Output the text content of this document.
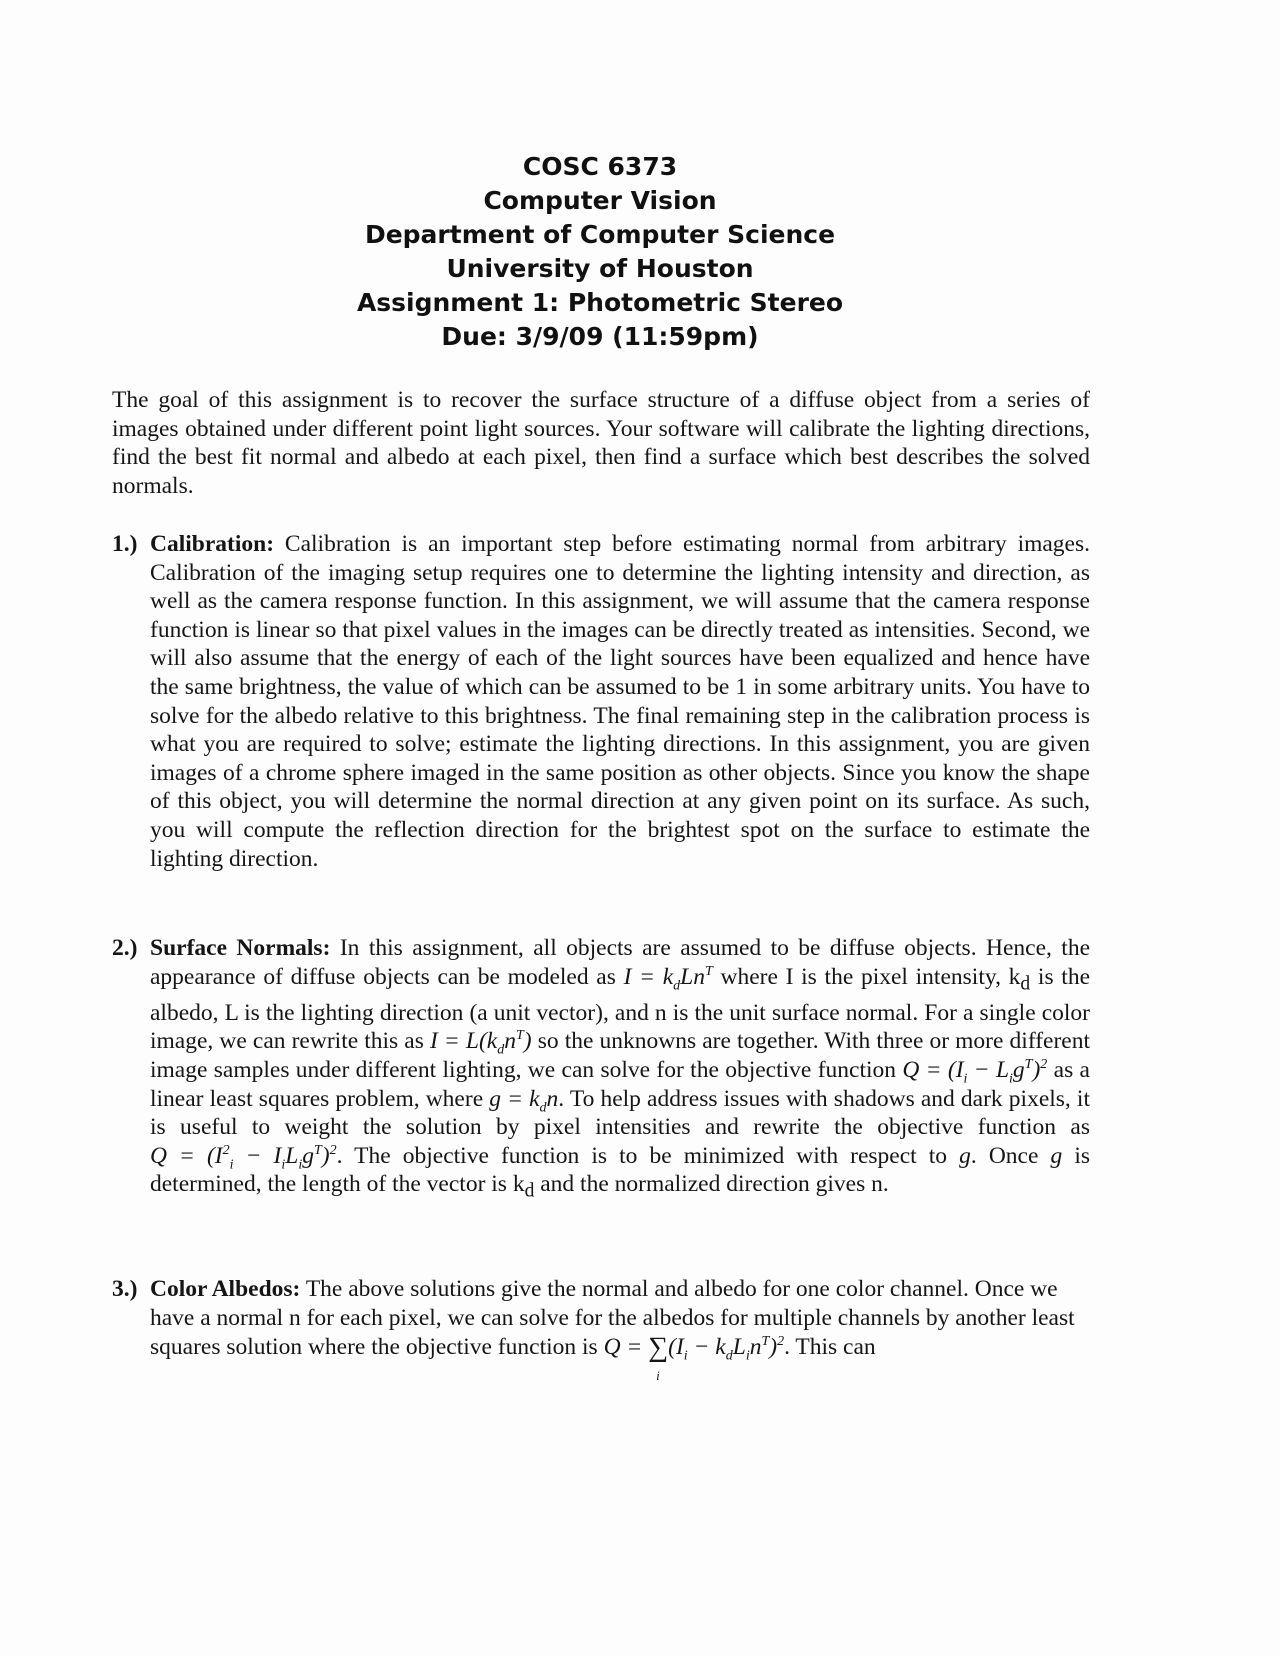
COSC 6373
Computer Vision
Department of Computer Science
University of Houston
Assignment 1: Photometric Stereo
Due: 3/9/09 (11:59pm)

The goal of this assignment is to recover the surface structure of a diffuse object from a series of images obtained under different point light sources. Your software will calibrate the lighting directions, find the best fit normal and albedo at each pixel, then find a surface which best describes the solved normals.

1.) Calibration: Calibration is an important step before estimating normal from arbitrary images. Calibration of the imaging setup requires one to determine the lighting intensity and direction, as well as the camera response function. In this assignment, we will assume that the camera response function is linear so that pixel values in the images can be directly treated as intensities. Second, we will also assume that the energy of each of the light sources have been equalized and hence have the same brightness, the value of which can be assumed to be 1 in some arbitrary units. You have to solve for the albedo relative to this brightness. The final remaining step in the calibration process is what you are required to solve; estimate the lighting directions. In this assignment, you are given images of a chrome sphere imaged in the same position as other objects. Since you know the shape of this object, you will determine the normal direction at any given point on its surface. As such, you will compute the reflection direction for the brightest spot on the surface to estimate the lighting direction.
2.) Surface Normals: In this assignment, all objects are assumed to be diffuse objects. Hence, the appearance of diffuse objects can be modeled as $I = k_dLn^T$ where I is the pixel intensity, $k_d$ is the albedo, L is the lighting direction (a unit vector), and n is the unit surface normal. For a single color image, we can rewrite this as $I = L(k_dn^T)$ so the unknowns are together. With three or more different image samples under different lighting, we can solve for the objective function $Q = (I_i - L_ig^T)^2$ as a linear least squares problem, where $g = k_dn$. To help address issues with shadows and dark pixels, it is useful to weight the solution by pixel intensities and rewrite the objective function as $Q = (I^2_i - I_iL_ig^T)^2$. The objective function is to be minimized with respect to g. Once g is determined, the length of the vector is $k_d$ and the normalized direction gives n.
3.) Color Albedos: The above solutions give the normal and albedo for one color channel. Once we have a normal n for each pixel, we can solve for the albedos for multiple channels by another least squares solution where the objective function is Q = ∑
i
$(I_i - k_dL_in^T)^2$. This can
